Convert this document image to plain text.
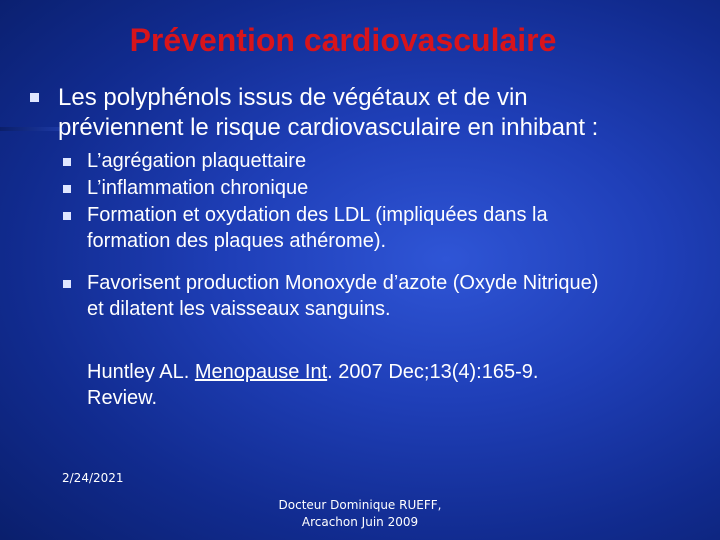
Prévention cardiovasculaire
Les polyphénols issus de végétaux et de vin
préviennent le risque cardiovasculaire en inhibant :
L’agrégation plaquettaire
L’inflammation chronique
Formation et oxydation des LDL (impliquées dans la
formation des plaques athérome).
Favorisent production Monoxyde d’azote (Oxyde Nitrique)
et dilatent les vaisseaux sanguins.
Huntley AL. Menopause Int. 2007 Dec;13(4):165-9.
Review.
2/24/2021
Docteur Dominique RUEFF,
Arcachon Juin 2009
